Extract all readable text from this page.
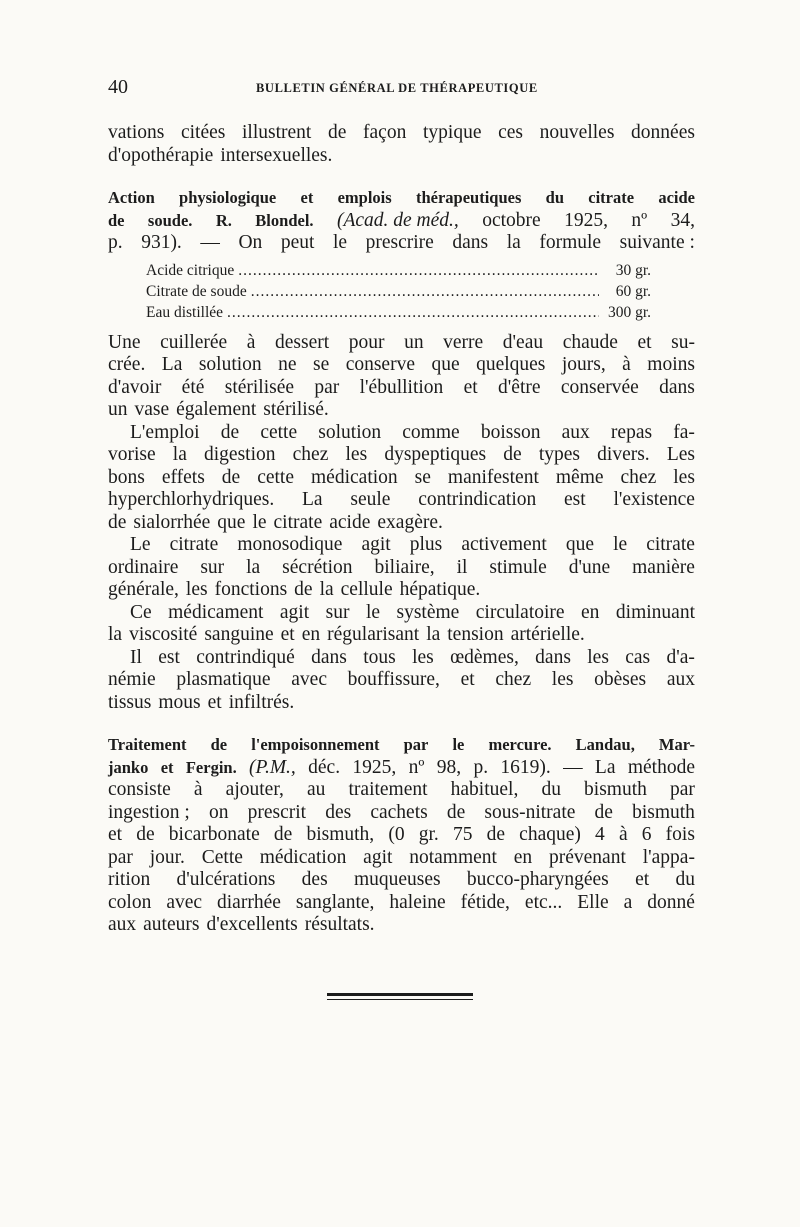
40	BULLETIN GÉNÉRAL DE THÉRAPEUTIQUE
vations citées illustrent de façon typique ces nouvelles données
d'opothérapie intersexuelles.
Action physiologique et emplois thérapeutiques du citrate acide
de soude. R. Blondel. (Acad. de méd., octobre 1925, nº 34,
p. 931). — On peut le prescrire dans la formule suivante :
Acide citrique .....	30 gr.
Citrate de soude .....	60 gr.
Eau distillée .....	300 gr.
Une cuillerée à dessert pour un verre d'eau chaude et su-
crée. La solution ne se conserve que quelques jours, à moins
d'avoir été stérilisée par l'ébullition et d'être conservée dans
un vase également stérilisé.
L'emploi de cette solution comme boisson aux repas fa-
vorise la digestion chez les dyspeptiques de types divers. Les
bons effets de cette médication se manifestent même chez les
hyperchlorhydriques. La seule contrindication est l'existence
de sialorrhée que le citrate acide exagère.
Le citrate monosodique agit plus activement que le citrate
ordinaire sur la sécrétion biliaire, il stimule d'une manière
générale, les fonctions de la cellule hépatique.
Ce médicament agit sur le système circulatoire en diminuant
la viscosité sanguine et en régularisant la tension artérielle.
Il est contrindiqué dans tous les œdèmes, dans les cas d'a-
némie plasmatique avec bouffissure, et chez les obèses aux
tissus mous et infiltrés.
Traitement de l'empoisonnement par le mercure. Landau, Mar-
janko et Fergin. (P.M., déc. 1925, nº 98, p. 1619). — La méthode
consiste à ajouter, au traitement habituel, du bismuth par
ingestion ; on prescrit des cachets de sous-nitrate de bismuth
et de bicarbonate de bismuth, (0 gr. 75 de chaque) 4 à 6 fois
par jour. Cette médication agit notamment en prévenant l'appa-
rition d'ulcérations des muqueuses bucco-pharyngées et du
colon avec diarrhée sanglante, haleine fétide, etc... Elle a donné
aux auteurs d'excellents résultats.
